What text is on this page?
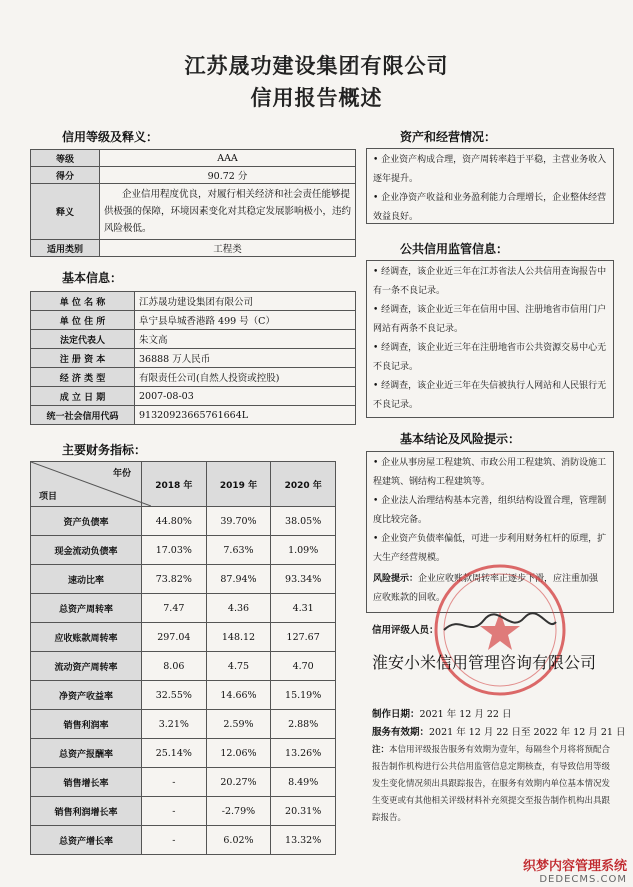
江苏晟功建设集团有限公司
信用报告概述
信用等级及释义：
等级	AAA
得分	90.72 分
释义	企业信用程度优良，对履行相关经济和社会责任能够提供极强的保障，环境因素变化对其稳定发展影响极小，违约风险极低。
适用类别	工程类
基本信息：
单 位 名 称	江苏晟功建设集团有限公司
单 位 住 所	阜宁县阜城香港路 499 号（C）
法定代表人	朱文高
注 册 资 本	36888 万人民币
经 济 类 型	有限责任公司(自然人投资或控股)
成 立 日 期	2007-08-03
统一社会信用代码	91320923665761664L
主要财务指标：
年份
项目	2018 年	2019 年	2020 年
资产负债率	44.80%	39.70%	38.05%
现金流动负债率	17.03%	7.63%	1.09%
速动比率	73.82%	87.94%	93.34%
总资产周转率	7.47	4.36	4.31
应收账款周转率	297.04	148.12	127.67
流动资产周转率	8.06	4.75	4.70
净资产收益率	32.55%	14.66%	15.19%
销售利润率	3.21%	2.59%	2.88%
总资产报酬率	25.14%	12.06%	13.26%
销售增长率	-	20.27%	8.49%
销售利润增长率	-	-2.79%	20.31%
总资产增长率	-	6.02%	13.32%
资产和经营情况：

• 企业资产构成合理，资产周转率趋于平稳，主营业务收入逐年提升。

• 企业净资产收益和业务盈利能力合理增长，企业整体经营效益良好。

公共信用监管信息：

• 经调查，该企业近三年在江苏省法人公共信用查询报告中有一条不良记录。

• 经调查，该企业近三年在信用中国、注册地省市信用门户网站有两条不良记录。

• 经调查，该企业近三年在注册地省市公共资源交易中心无不良记录。

• 经调查，该企业近三年在失信被执行人网站和人民银行无不良记录。

基本结论及风险提示：

• 企业从事房屋工程建筑、市政公用工程建筑、消防设施工程建筑、钢结构工程建筑等。

• 企业法人治理结构基本完善，组织结构设置合理，管理制度比较完备。

• 企业资产负债率偏低，可进一步利用财务杠杆的原理，扩大生产经营规模。

风险提示：企业应收账款周转率正逐步下滑，应注重加强应收账款的回收。

信用评级人员：
淮安小米信用管理咨询有限公司
制作日期：2021 年 12 月 22 日
服务有效期：2021 年 12 月 22 日至 2022 年 12 月 21 日
注：本信用评级报告服务有效期为壹年，每隔叁个月将将预配合报告制作机构进行公共信用监管信息定期核查，有导致信用等级发生变化情况须出具跟踪报告，在服务有效期内单位基本情况发生变更或有其他相关评级材料补充须提交至报告制作机构出具跟踪报告。
织梦内容管理系统
DEDECMS.COM
